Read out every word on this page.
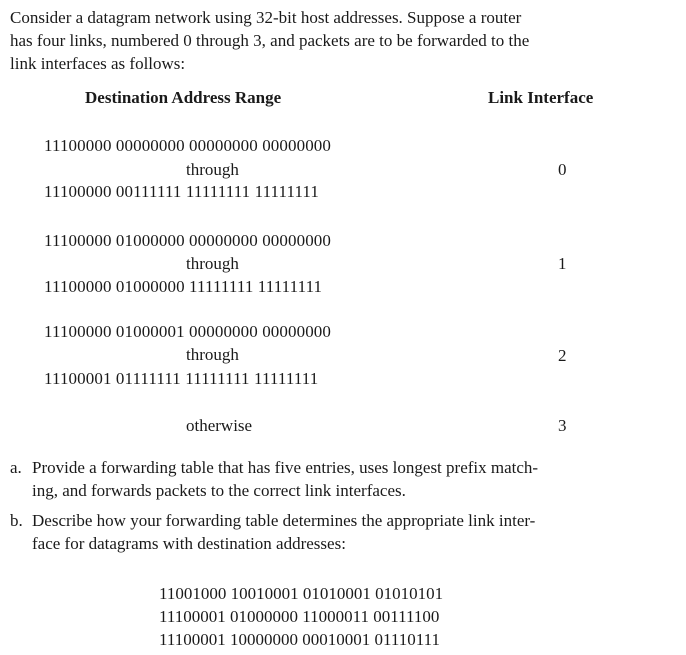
Consider a datagram network using 32-bit host addresses. Suppose a router
has four links, numbered 0 through 3, and packets are to be forwarded to the
link interfaces as follows:
Destination Address Range	Link Interface
11100000 00000000 00000000 00000000
through
11100000 00111111 11111111 11111111
0
11100000 01000000 00000000 00000000
through
11100000 01000000 11111111 11111111
1
11100000 01000001 00000000 00000000
through
11100001 01111111 11111111 11111111
2
otherwise	3
a. Provide a forwarding table that has five entries, uses longest prefix match-
ing, and forwards packets to the correct link interfaces.
b. Describe how your forwarding table determines the appropriate link inter-
face for datagrams with destination addresses:
11001000 10010001 01010001 01010101
11100001 01000000 11000011 00111100
11100001 10000000 00010001 01110111
